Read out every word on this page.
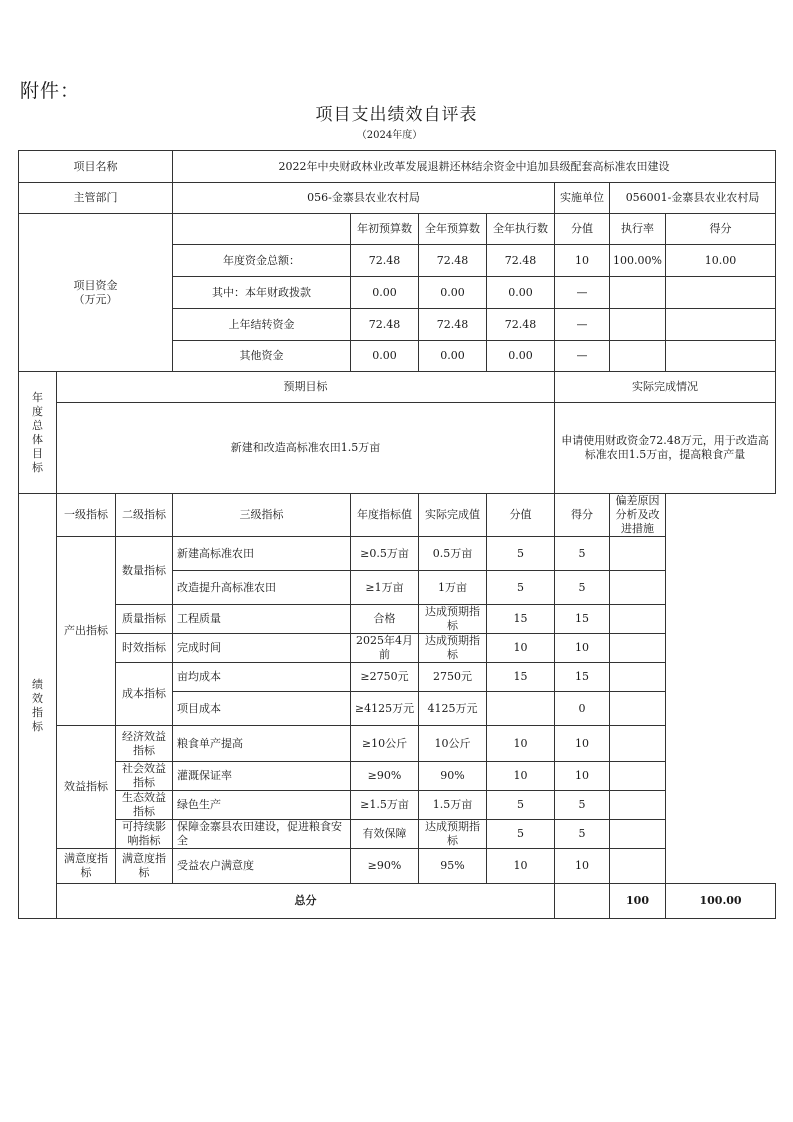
附件：
项目支出绩效自评表
（2024年度）
项目名称			2022年中央财政林业改革发展退耕还林结余资金中追加县级配套高标准农田建设							
主管部门			056-金寨县农业农村局				实施单位	056001-金寨县农业农村局		

项目资金
（万元）				年初预算数	全年预算数	全年执行数	分值	执行率	得分	
			年度资金总额：	72.48	72.48	72.48	10	100.00%	10.00	
			其中：本年财政拨款	0.00	0.00	0.00	—			
			上年结转资金	72.48	72.48	72.48	—			
			其他资金	0.00	0.00	0.00	—			

年度总体目标	预期目标						实际完成情况			
	新建和改造高标准农田1.5万亩						申请使用财政资金72.48万元，用于改造高标准农田1.5万亩，提高粮食产量			

绩效指标	一级指标	二级指标	三级指标	年度指标值	实际完成值	分值	得分	偏差原因分析及改进措施		
	产出指标	数量指标	新建高标准农田	≥0.5万亩	0.5万亩	5	5			
			改造提升高标准农田	≥1万亩	1万亩	5	5			
		质量指标	工程质量	合格	达成预期指标	15	15			
		时效指标	完成时间	2025年4月前	达成预期指标	10	10			
		成本指标	亩均成本	≥2750元	2750元	15	15			
			项目成本	≥4125万元	4125万元		0			

	效益指标	经济效益指标	粮食单产提高	≥10公斤	10公斤	10	10			
		社会效益指标	灌溉保证率	≥90%	90%	10	10			
		生态效益指标	绿色生产	≥1.5万亩	1.5万亩	5	5			
		可持续影响指标	保障金寨县农田建设，促进粮食安全	有效保障	达成预期指标	5	5			
	满意度指标	满意度指标	受益农户满意度	≥90%	95%	10	10			
	总分							100	100.00	
